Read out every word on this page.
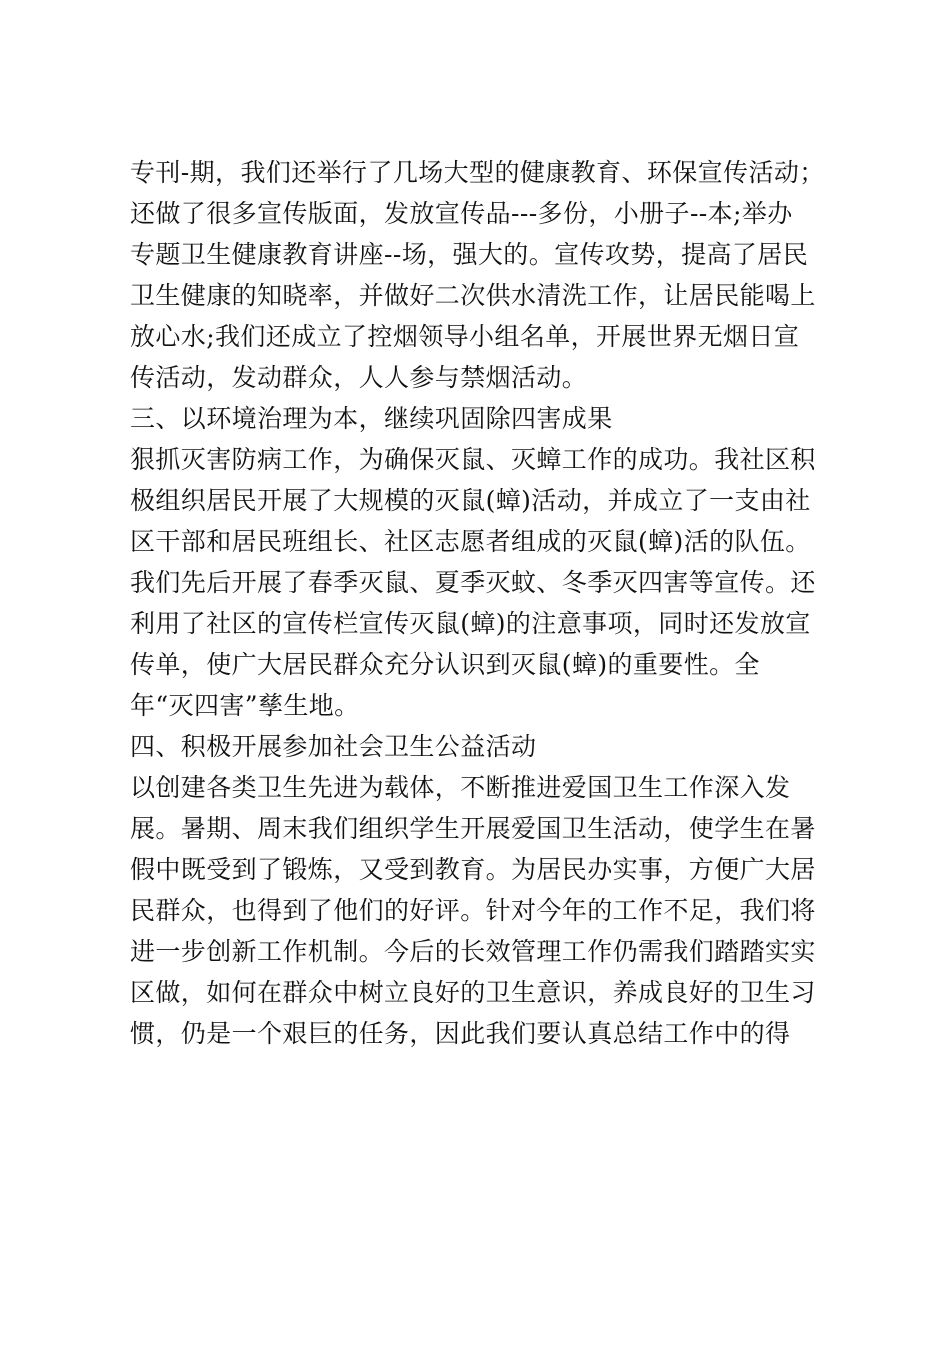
专刊-期，我们还举行了几场大型的健康教育、环保宣传活动；
还做了很多宣传版面，发放宣传品---多份，小册子--本;举办
专题卫生健康教育讲座--场，强大的。宣传攻势，提高了居民
卫生健康的知晓率，并做好二次供水清洗工作，让居民能喝上
放心水;我们还成立了控烟领导小组名单，开展世界无烟日宣
传活动，发动群众，人人参与禁烟活动。
三、以环境治理为本，继续巩固除四害成果
狠抓灭害防病工作，为确保灭鼠、灭蟑工作的成功。我社区积
极组织居民开展了大规模的灭鼠(蟑)活动，并成立了一支由社
区干部和居民班组长、社区志愿者组成的灭鼠(蟑)活的队伍。
我们先后开展了春季灭鼠、夏季灭蚊、冬季灭四害等宣传。还
利用了社区的宣传栏宣传灭鼠(蟑)的注意事项，同时还发放宣
传单，使广大居民群众充分认识到灭鼠(蟑)的重要性。全
年“灭四害”孳生地。
四、积极开展参加社会卫生公益活动
以创建各类卫生先进为载体，不断推进爱国卫生工作深入发
展。暑期、周末我们组织学生开展爱国卫生活动，使学生在暑
假中既受到了锻炼，又受到教育。为居民办实事，方便广大居
民群众，也得到了他们的好评。针对今年的工作不足，我们将
进一步创新工作机制。今后的长效管理工作仍需我们踏踏实实
区做，如何在群众中树立良好的卫生意识，养成良好的卫生习
惯，仍是一个艰巨的任务，因此我们要认真总结工作中的得
